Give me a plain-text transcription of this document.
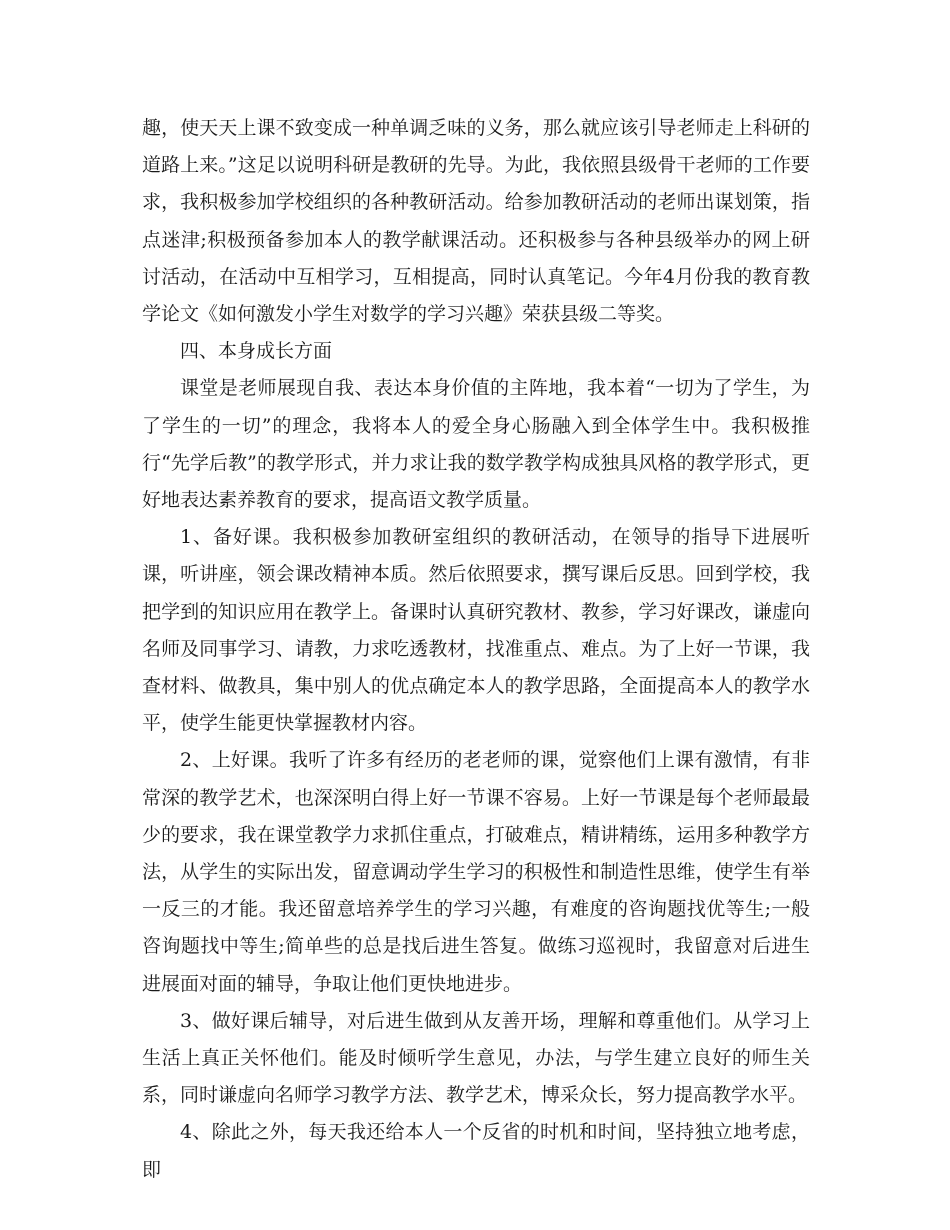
趣，使天天上课不致变成一种单调乏味的义务，那么就应该引导老师走上科研的道路上来。”这足以说明科研是教研的先导。为此，我依照县级骨干老师的工作要求，我积极参加学校组织的各种教研活动。给参加教研活动的老师出谋划策，指点迷津;积极预备参加本人的教学献课活动。还积极参与各种县级举办的网上研讨活动，在活动中互相学习，互相提高，同时认真笔记。今年4月份我的教育教学论文《如何激发小学生对数学的学习兴趣》荣获县级二等奖。

四、本身成长方面

课堂是老师展现自我、表达本身价值的主阵地，我本着“一切为了学生，为了学生的一切”的理念，我将本人的爱全身心肠融入到全体学生中。我积极推行“先学后教”的教学形式，并力求让我的数学教学构成独具风格的教学形式，更好地表达素养教育的要求，提高语文教学质量。

1、备好课。我积极参加教研室组织的教研活动，在领导的指导下进展听课，听讲座，领会课改精神本质。然后依照要求，撰写课后反思。回到学校，我把学到的知识应用在教学上。备课时认真研究教材、教参，学习好课改，谦虚向名师及同事学习、请教，力求吃透教材，找准重点、难点。为了上好一节课，我查材料、做教具，集中别人的优点确定本人的教学思路，全面提高本人的教学水平，使学生能更快掌握教材内容。

2、上好课。我听了许多有经历的老老师的课，觉察他们上课有激情，有非常深的教学艺术，也深深明白得上好一节课不容易。上好一节课是每个老师最最少的要求，我在课堂教学力求抓住重点，打破难点，精讲精练，运用多种教学方法，从学生的实际出发，留意调动学生学习的积极性和制造性思维，使学生有举一反三的才能。我还留意培养学生的学习兴趣，有难度的咨询题找优等生;一般咨询题找中等生;简单些的总是找后进生答复。做练习巡视时，我留意对后进生进展面对面的辅导，争取让他们更快地进步。

3、做好课后辅导，对后进生做到从友善开场，理解和尊重他们。从学习上生活上真正关怀他们。能及时倾听学生意见，办法，与学生建立良好的师生关系，同时谦虚向名师学习教学方法、教学艺术，博采众长，努力提高教学水平。

4、除此之外，每天我还给本人一个反省的时机和时间，坚持独立地考虑，即
